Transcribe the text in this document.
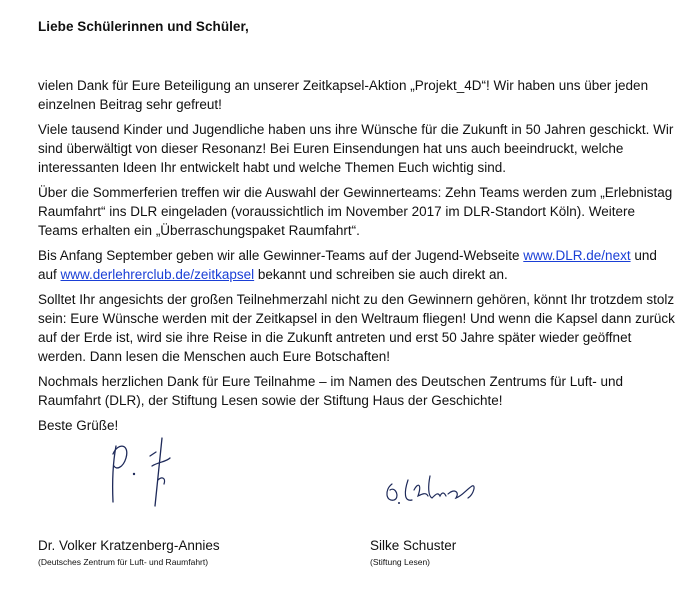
Liebe Schülerinnen und Schüler,

vielen Dank für Eure Beteiligung an unserer Zeitkapsel-Aktion „Projekt_4D“! Wir haben uns über jeden einzelnen Beitrag sehr gefreut!

Viele tausend Kinder und Jugendliche haben uns ihre Wünsche für die Zukunft in 50 Jahren geschickt. Wir sind überwältigt von dieser Resonanz! Bei Euren Einsendungen hat uns auch beeindruckt, welche interessanten Ideen Ihr entwickelt habt und welche Themen Euch wichtig sind.

Über die Sommerferien treffen wir die Auswahl der Gewinnerteams: Zehn Teams werden zum „Erlebnistag Raumfahrt“ ins DLR eingeladen (voraussichtlich im November 2017 im DLR-Standort Köln). Weitere Teams erhalten ein „Überraschungspaket Raumfahrt“.

Bis Anfang September geben wir alle Gewinner-Teams auf der Jugend-Webseite www.DLR.de/next und auf www.derlehrerclub.de/zeitkapsel bekannt und schreiben sie auch direkt an.

Solltet Ihr angesichts der großen Teilnehmerzahl nicht zu den Gewinnern gehören, könnt Ihr trotzdem stolz sein: Eure Wünsche werden mit der Zeitkapsel in den Weltraum fliegen! Und wenn die Kapsel dann zurück auf der Erde ist, wird sie ihre Reise in die Zukunft antreten und erst 50 Jahre später wieder geöffnet werden. Dann lesen die Menschen auch Eure Botschaften!

Nochmals herzlichen Dank für Eure Teilnahme – im Namen des Deutschen Zentrums für Luft- und Raumfahrt (DLR), der Stiftung Lesen sowie der Stiftung Haus der Geschichte!

Beste Grüße!

Dr. Volker Kratzenberg-Annies
(Deutsches Zentrum für Luft- und Raumfahrt)
Silke Schuster
(Stiftung Lesen)
